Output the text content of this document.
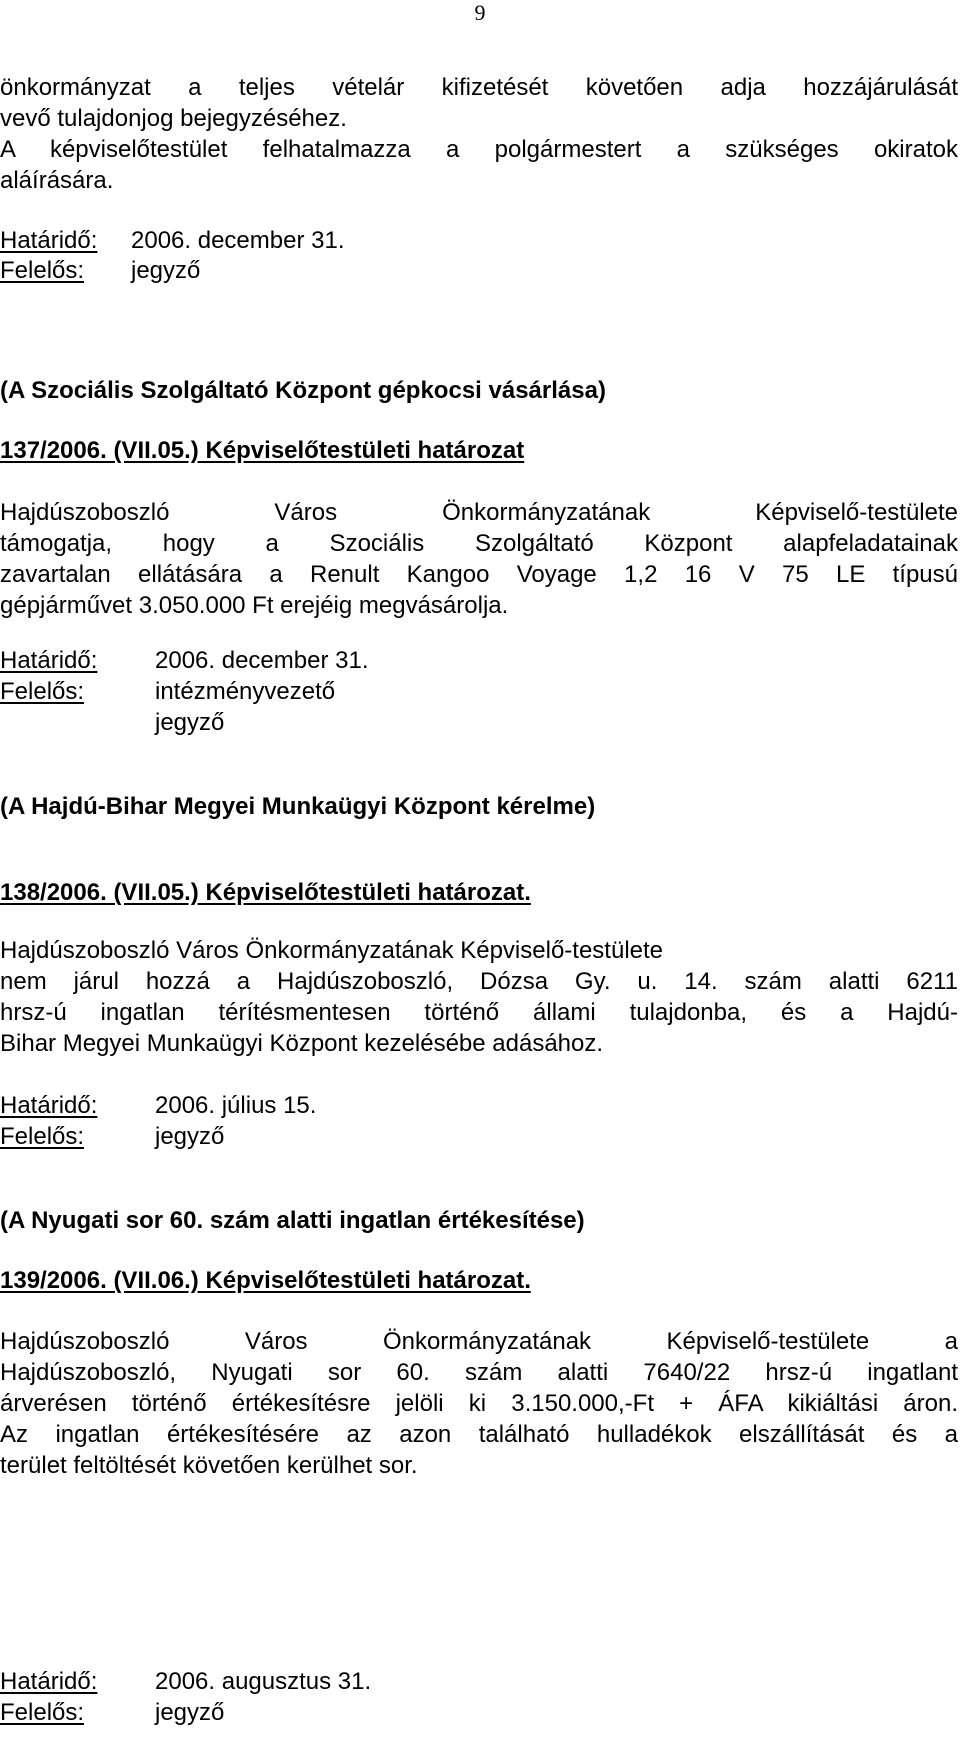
9
önkormányzat a teljes vételár kifizetését követően adja hozzájárulását
vevő tulajdonjog bejegyzéséhez.
A képviselőtestület felhatalmazza a polgármestert a szükséges okiratok
aláírására.
Határidő: 2006. december 31.
Felelős: jegyző
(A Szociális Szolgáltató Központ gépkocsi vásárlása)
137/2006. (VII.05.) Képviselőtestületi határozat
Hajdúszoboszló Város Önkormányzatának Képviselő-testülete
támogatja, hogy a Szociális Szolgáltató Központ alapfeladatainak
zavartalan ellátására a Renult Kangoo Voyage 1,2 16 V 75 LE típusú
gépjárművet 3.050.000 Ft erejéig megvásárolja.
Határidő: 2006. december 31.
Felelős:	intézményvezető
jegyző
(A Hajdú-Bihar Megyei Munkaügyi Központ kérelme)
138/2006. (VII.05.) Képviselőtestületi határozat.
Hajdúszoboszló Város Önkormányzatának Képviselő-testülete
nem járul hozzá a Hajdúszoboszló, Dózsa Gy. u. 14. szám alatti 6211
hrsz-ú ingatlan térítésmentesen történő állami tulajdonba, és a Hajdú-
Bihar Megyei Munkaügyi Központ kezelésébe adásához.
Határidő: 2006. július 15.
Felelős:	jegyző
(A Nyugati sor 60. szám alatti ingatlan értékesítése)
139/2006. (VII.06.) Képviselőtestületi határozat.
Hajdúszoboszló Város Önkormányzatának Képviselő-testülete a
Hajdúszoboszló, Nyugati sor 60. szám alatti 7640/22 hrsz-ú ingatlant
árverésen történő értékesítésre jelöli ki 3.150.000,-Ft + ÁFA kikiáltási áron.
Az ingatlan értékesítésére az azon található hulladékok elszállítását és a
terület feltöltését követően kerülhet sor.
Határidő: 2006. augusztus 31.
Felelős:	jegyző
